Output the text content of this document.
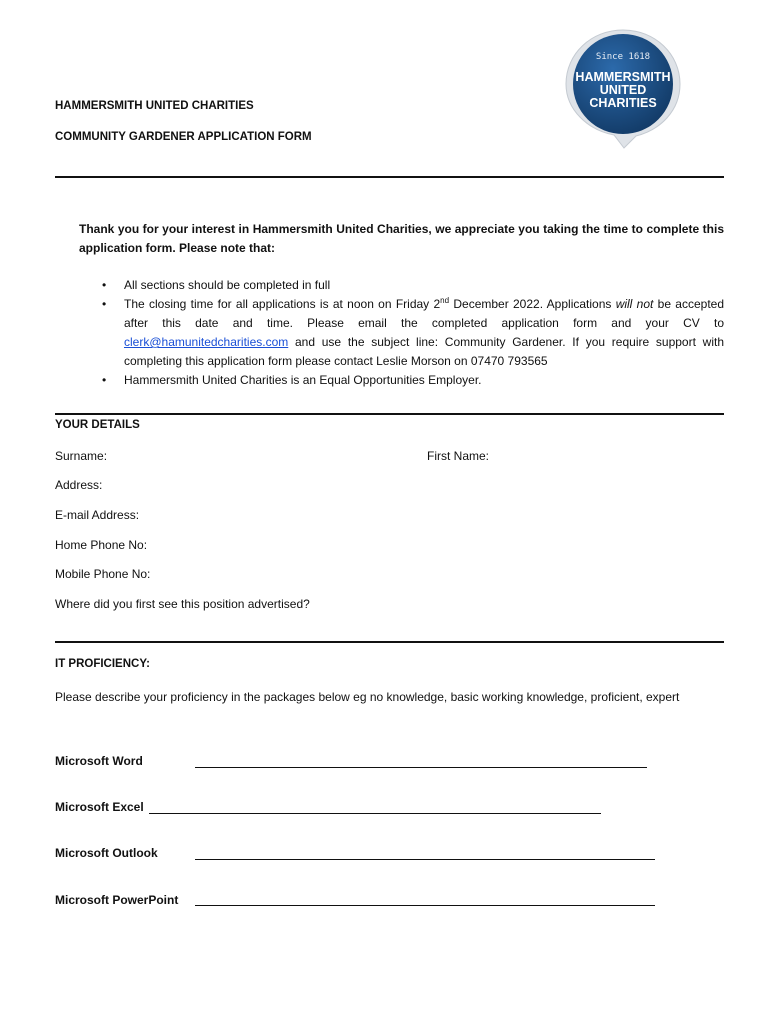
Since 1618
HAMMERSMITH
UNITED
CHARITIES
HAMMERSMITH UNITED CHARITIES
COMMUNITY GARDENER APPLICATION FORM
Thank you for your interest in Hammersmith United Charities, we appreciate you taking the time to complete this application form. Please note that:
• All sections should be completed in full
• The closing time for all applications is at noon on Friday 2nd December 2022. Applications will not be accepted after this date and time. Please email the completed application form and your CV to clerk@hamunitedcharities.com and use the subject line: Community Gardener. If you require support with completing this application form please contact Leslie Morson on 07470 793565
• Hammersmith United Charities is an Equal Opportunities Employer.
YOUR DETAILS
Surname:	First Name:
Address:
E-mail Address:
Home Phone No:
Mobile Phone No:
Where did you first see this position advertised?
IT PROFICIENCY:
Please describe your proficiency in the packages below eg no knowledge, basic working knowledge, proficient, expert
Microsoft Word
Microsoft Excel
Microsoft Outlook
Microsoft PowerPoint
